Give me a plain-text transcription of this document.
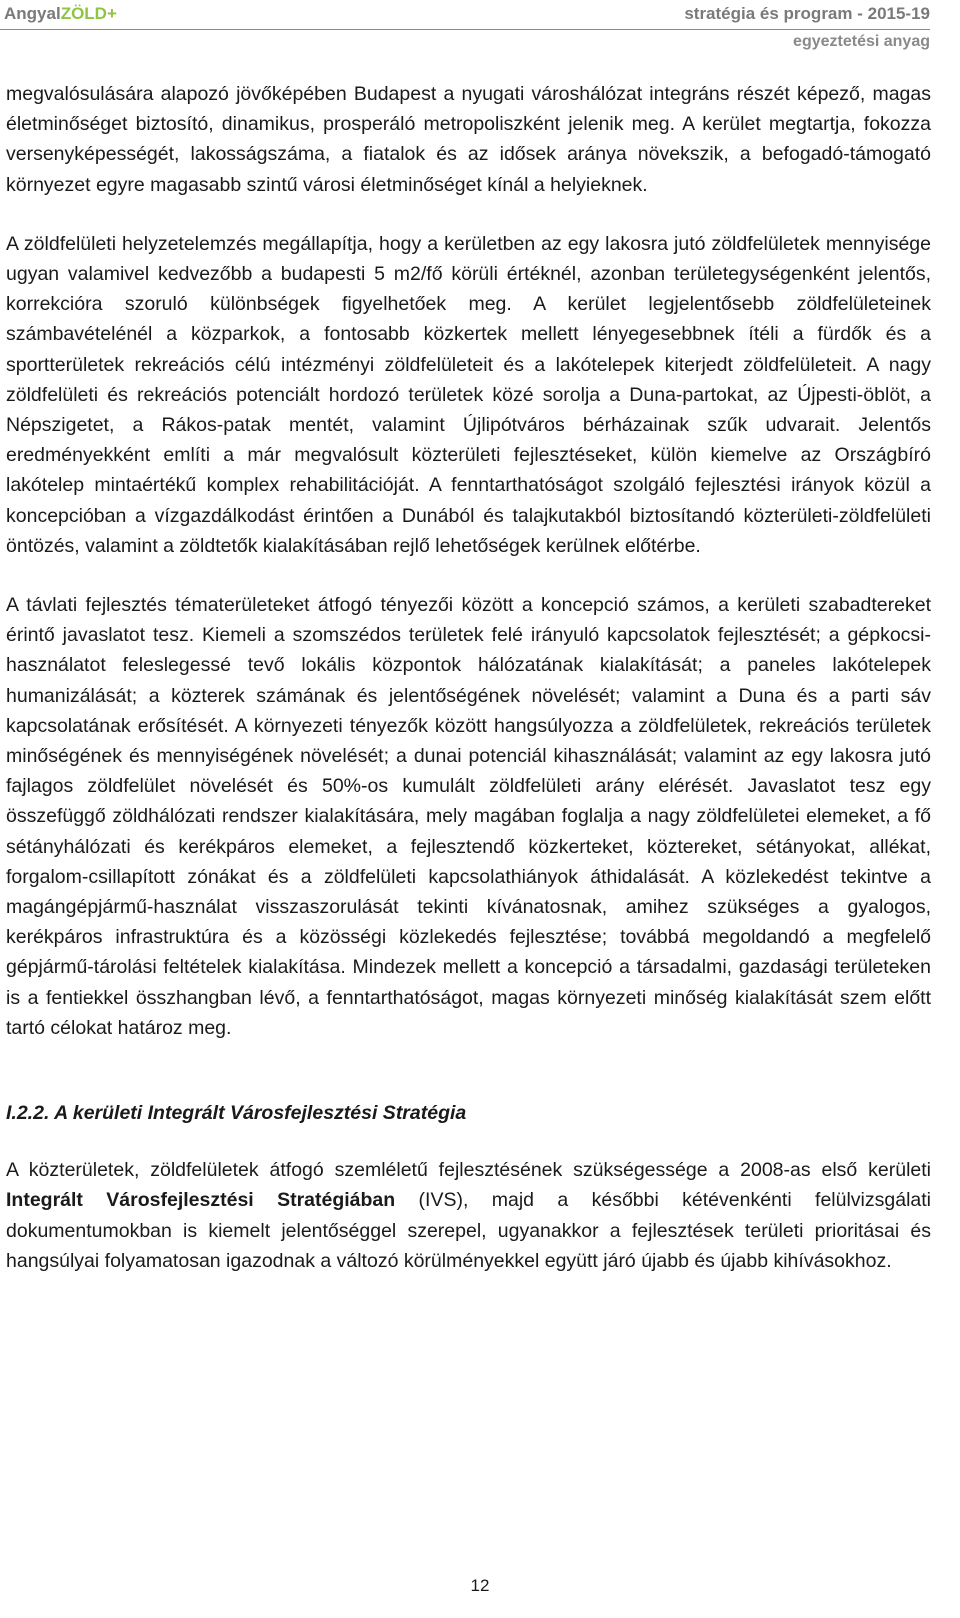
AngyalZÖLD+	stratégia és program - 2015-19
egyeztetési anyag

megvalósulására alapozó jövőképében Budapest a nyugati városhálózat integráns részét képező, magas életminőséget biztosító, dinamikus, prosperáló metropoliszként jelenik meg. A kerület megtartja, fokozza versenyképességét, lakosságszáma, a fiatalok és az idősek aránya növekszik, a befogadó-támogató környezet egyre magasabb szintű városi életminőséget kínál a helyieknek.

A zöldfelületi helyzetelemzés megállapítja, hogy a kerületben az egy lakosra jutó zöldfelületek mennyisége ugyan valamivel kedvezőbb a budapesti 5 m2/fő körüli értéknél, azonban területegységenként jelentős, korrekcióra szoruló különbségek figyelhetőek meg. A kerület legjelentősebb zöldfelületeinek számbavételénél a közparkok, a fontosabb közkertek mellett lényegesebbnek ítéli a fürdők és a sportterületek rekreációs célú intézményi zöldfelületeit és a lakótelepek kiterjedt zöldfelületeit. A nagy zöldfelületi és rekreációs potenciált hordozó területek közé sorolja a Duna-partokat, az Újpesti-öblöt, a Népszigetet, a Rákos-patak mentét, valamint Újlipótváros bérházainak szűk udvarait. Jelentős eredményekként említi a már megvalósult közterületi fejlesztéseket, külön kiemelve az Országbíró lakótelep mintaértékű komplex rehabilitációját. A fenntarthatóságot szolgáló fejlesztési irányok közül a koncepcióban a vízgazdálkodást érintően a Dunából és talajkutakból biztosítandó közterületi-zöldfelületi öntözés, valamint a zöldtetők kialakításában rejlő lehetőségek kerülnek előtérbe.

A távlati fejlesztés tématerületeket átfogó tényezői között a koncepció számos, a kerületi szabadtereket érintő javaslatot tesz. Kiemeli a szomszédos területek felé irányuló kapcsolatok fejlesztését; a gépkocsi-használatot feleslegessé tevő lokális központok hálózatának kialakítását; a paneles lakótelepek humanizálását; a közterek számának és jelentőségének növelését; valamint a Duna és a parti sáv kapcsolatának erősítését. A környezeti tényezők között hangsúlyozza a zöldfelületek, rekreációs területek minőségének és mennyiségének növelését; a dunai potenciál kihasználását; valamint az egy lakosra jutó fajlagos zöldfelület növelését és 50%-os kumulált zöldfelületi arány elérését. Javaslatot tesz egy összefüggő zöldhálózati rendszer kialakítására, mely magában foglalja a nagy zöldfelületei elemeket, a fő sétányhálózati és kerékpáros elemeket, a fejlesztendő közkerteket, köztereket, sétányokat, allékat, forgalom-csillapított zónákat és a zöldfelületi kapcsolathiányok áthidalását. A közlekedést tekintve a magángépjármű-használat visszaszorulását tekinti kívánatosnak, amihez szükséges a gyalogos, kerékpáros infrastruktúra és a közösségi közlekedés fejlesztése; továbbá megoldandó a megfelelő gépjármű-tárolási feltételek kialakítása. Mindezek mellett a koncepció a társadalmi, gazdasági területeken is a fentiekkel összhangban lévő, a fenntarthatóságot, magas környezeti minőség kialakítását szem előtt tartó célokat határoz meg.

I.2.2. A kerületi Integrált Városfejlesztési Stratégia

A közterületek, zöldfelületek átfogó szemléletű fejlesztésének szükségessége a 2008-as első kerületi Integrált Városfejlesztési Stratégiában (IVS), majd a későbbi kétévenkénti felülvizsgálati dokumentumokban is kiemelt jelentőséggel szerepel, ugyanakkor a fejlesztések területi prioritásai és hangsúlyai folyamatosan igazodnak a változó körülményekkel együtt járó újabb és újabb kihívásokhoz.

12
